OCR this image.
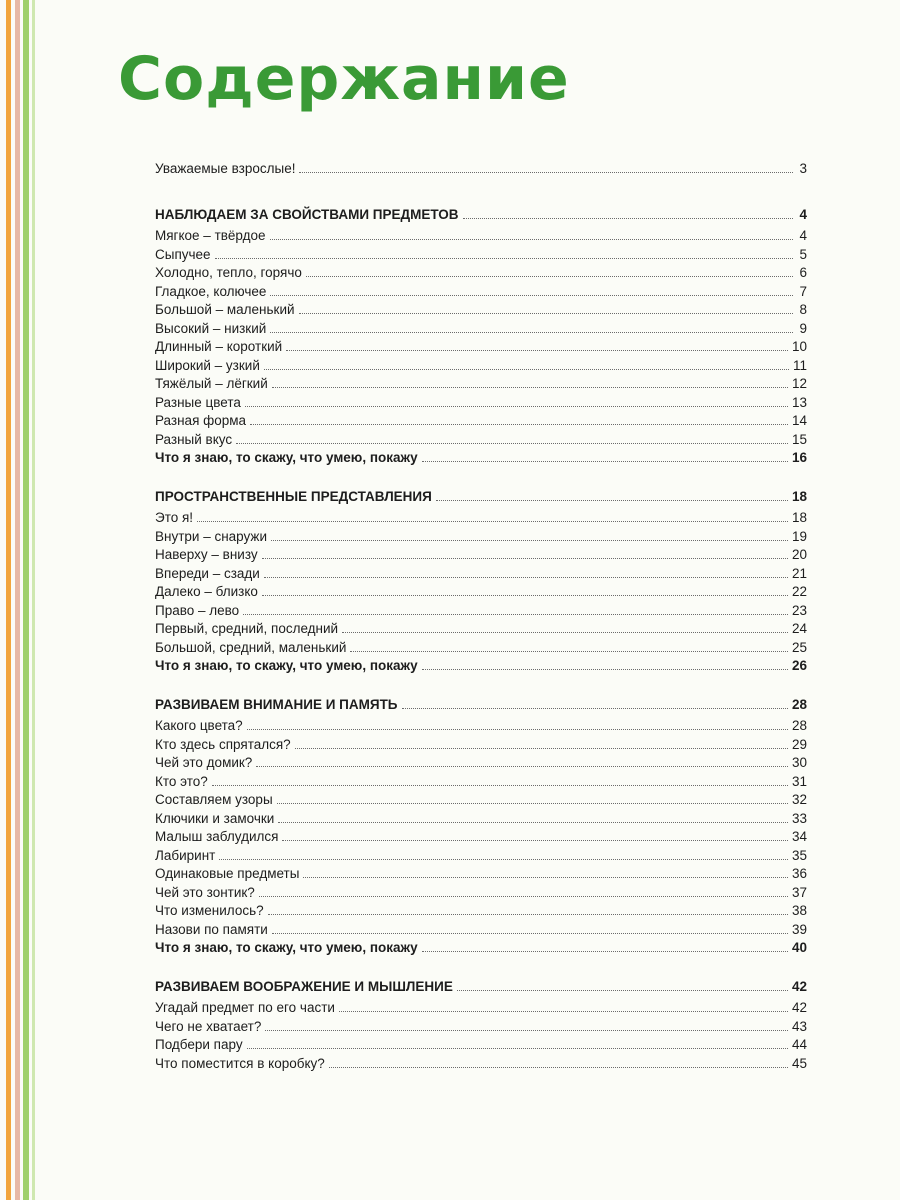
Содержание
Уважаемые взрослые!	3
НАБЛЮДАЕМ ЗА СВОЙСТВАМИ ПРЕДМЕТОВ	4
Мягкое – твёрдое	4
Сыпучее	5
Холодно, тепло, горячо	6
Гладкое, колючее	7
Большой – маленький	8
Высокий – низкий	9
Длинный – короткий	10
Широкий – узкий	11
Тяжёлый – лёгкий	12
Разные цвета	13
Разная форма	14
Разный вкус	15
Что я знаю, то скажу, что умею, покажу	16
ПРОСТРАНСТВЕННЫЕ ПРЕДСТАВЛЕНИЯ	18
Это я!	18
Внутри – снаружи	19
Наверху – внизу	20
Впереди – сзади	21
Далеко – близко	22
Право – лево	23
Первый, средний, последний	24
Большой, средний, маленький	25
Что я знаю, то скажу, что умею, покажу	26
РАЗВИВАЕМ ВНИМАНИЕ И ПАМЯТЬ	28
Какого цвета?	28
Кто здесь спрятался?	29
Чей это домик?	30
Кто это?	31
Составляем узоры	32
Ключики и замочки	33
Малыш заблудился	34
Лабиринт	35
Одинаковые предметы	36
Чей это зонтик?	37
Что изменилось?	38
Назови по памяти	39
Что я знаю, то скажу, что умею, покажу	40
РАЗВИВАЕМ ВООБРАЖЕНИЕ И МЫШЛЕНИЕ	42
Угадай предмет по его части	42
Чего не хватает?	43
Подбери пару	44
Что поместится в коробку?	45
